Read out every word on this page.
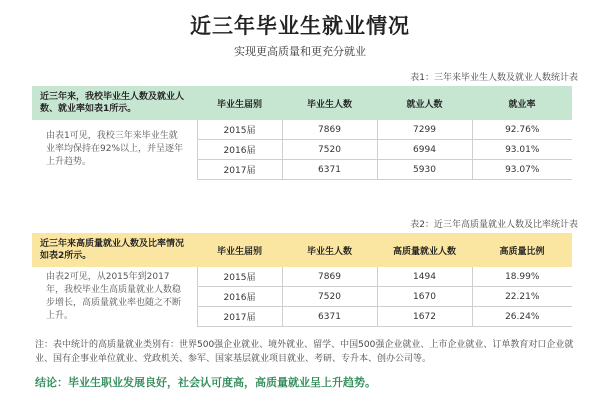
近三年毕业生就业情况
实现更高质量和更充分就业
表1：三年来毕业生人数及就业人数统计表
近三年来，我校毕业生人数及就业人数、就业率如表1所示。	毕业生届别	毕业生人数	就业人数	就业率
由表1可见，我校三年来毕业生就业率均保持在92%以上，并呈逐年上升趋势。	2015届	7869	7299	92.76%
	2016届	7520	6994	93.01%
	2017届	6371	5930	93.07%
表2：近三年高质量就业人数及比率统计表
近三年来高质量就业人数及比率情况如表2所示。	毕业生届别	毕业生人数	高质量就业人数	高质量比例
由表2可见，从2015年到2017年，我校毕业生高质量就业人数稳步增长，高质量就业率也随之不断上升。	2015届	7869	1494	18.99%
	2016届	7520	1670	22.21%
	2017届	6371	1672	26.24%
注：表中统计的高质量就业类别有：世界500强企业就业、境外就业、留学、中国500强企业就业、上市企业就业、订单教育对口企业就业、国有企事业单位就业、党政机关、参军、国家基层就业项目就业、考研、专升本、创办公司等。
结论：毕业生职业发展良好，社会认可度高，高质量就业呈上升趋势。
